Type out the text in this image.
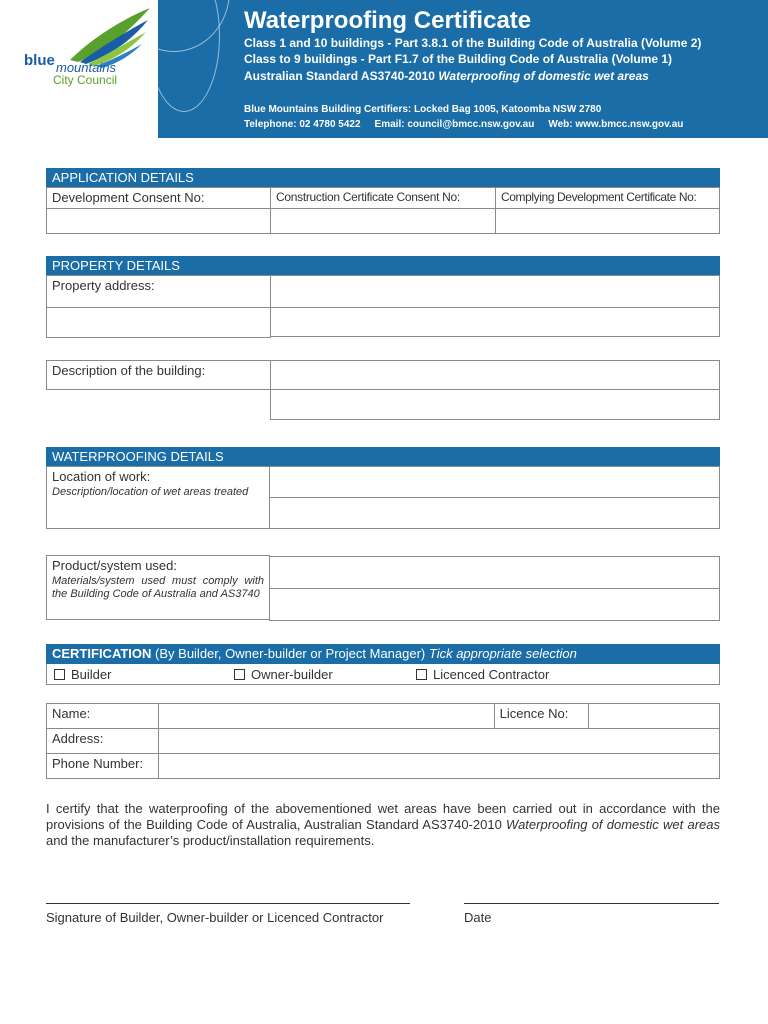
blue mountains
City Council
Waterproofing Certificate
Class 1 and 10 buildings - Part 3.8.1 of the Building Code of Australia (Volume 2)
Class to 9 buildings - Part F1.7 of the Building Code of Australia (Volume 1)
Australian Standard AS3740-2010 Waterproofing of domestic wet areas
Blue Mountains Building Certifiers: Locked Bag 1005, Katoomba NSW 2780
Telephone: 02 4780 5422 Email: council@bmcc.nsw.gov.au Web: www.bmcc.nsw.gov.au
APPLICATION DETAILS
Development Consent No:	Construction Certificate Consent No:	Complying Development Certificate No:
PROPERTY DETAILS
Property address:
Description of the building:
WATERPROOFING DETAILS
Location of work:
Description/location of wet areas treated
Product/system used:
Materials/system used must comply with the Building Code of Australia and AS3740
CERTIFICATION (By Builder, Owner-builder or Project Manager) Tick appropriate selection
Builder	Owner-builder	Licenced Contractor
Name:	Licence No:
Address:
Phone Number:
I certify that the waterproofing of the abovementioned wet areas have been carried out in accordance with the provisions of the Building Code of Australia, Australian Standard AS3740-2010 Waterproofing of domestic wet areas and the manufacturer’s product/installation requirements.
Signature of Builder, Owner-builder or Licenced Contractor	Date
